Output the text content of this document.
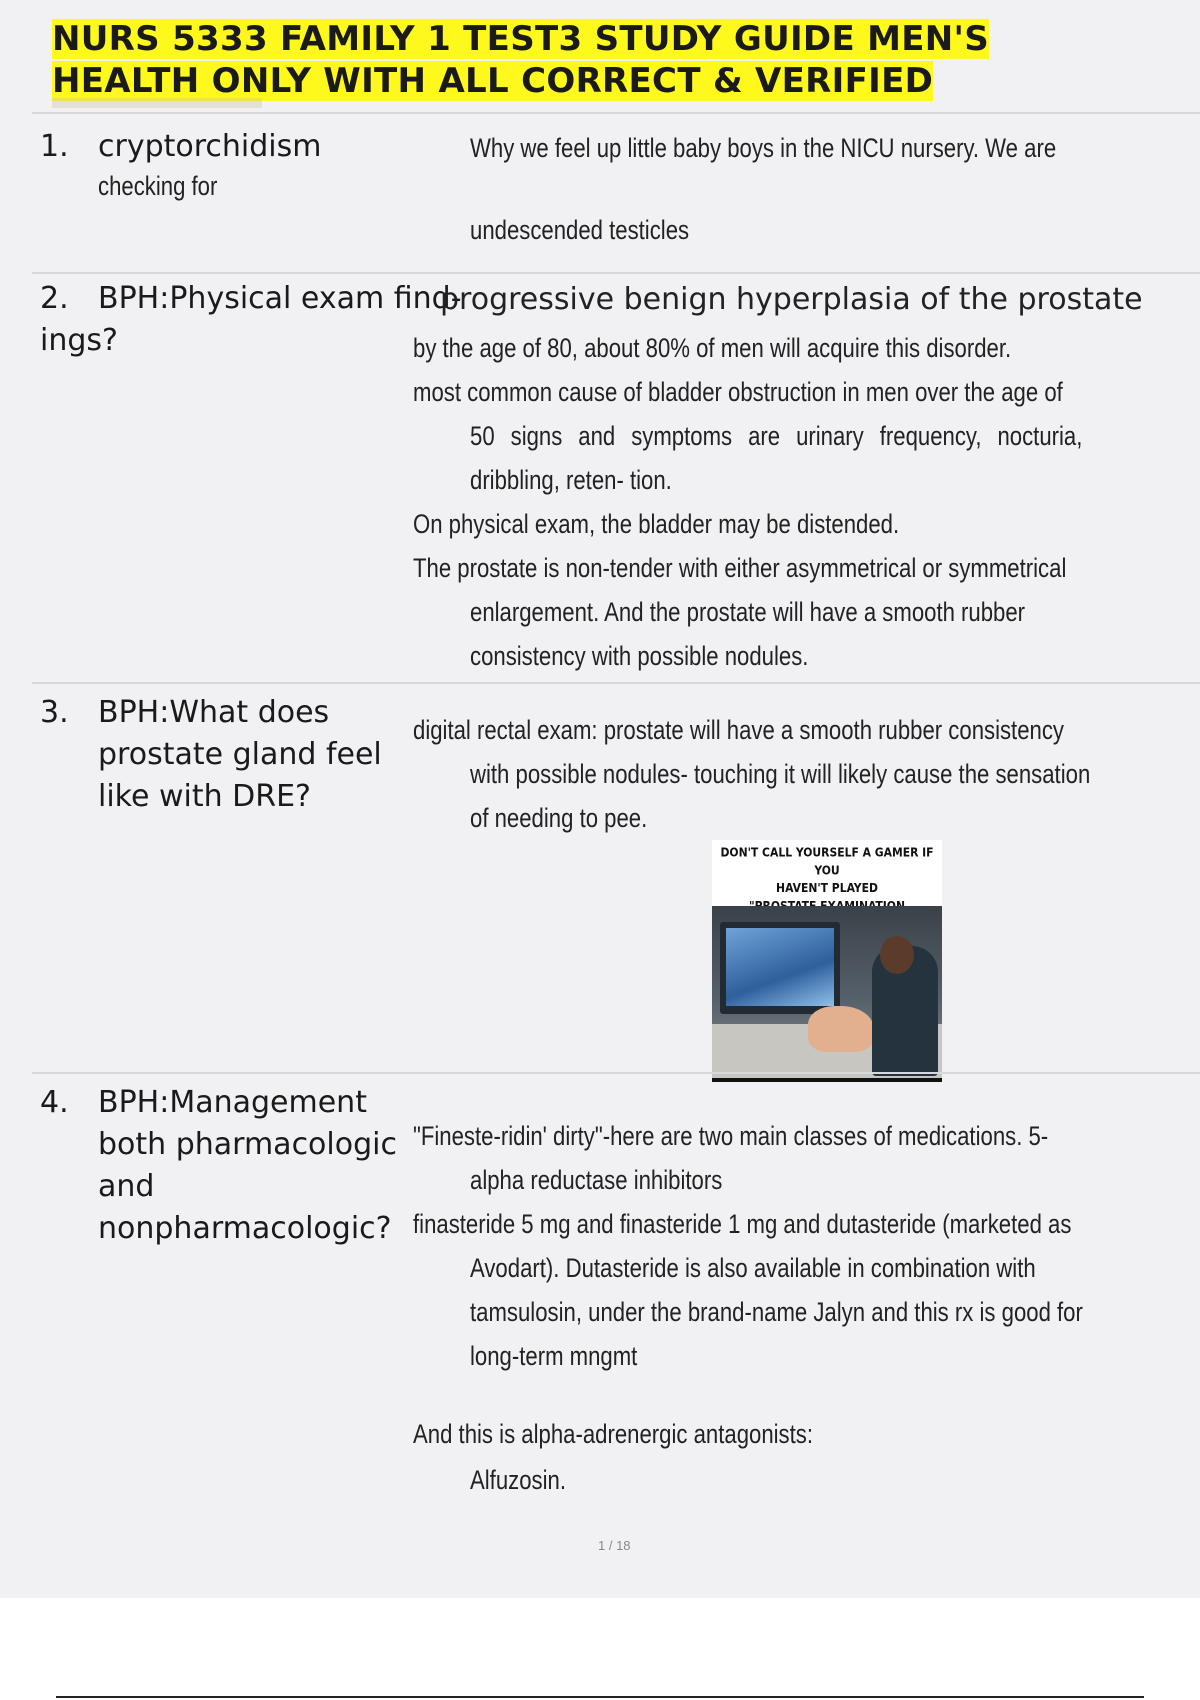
NURS 5333 FAMILY 1 TEST3 STUDY GUIDE MEN'S
HEALTH ONLY WITH ALL CORRECT & VERIFIED
1. cryptorchidism	Why we feel up little baby boys in the NICU nursery. We are
checking for
undescended testicles
2. BPH:Physical exam find-
ings?
progressive benign hyperplasia of the prostate
by the age of 80, about 80% of men will acquire this disorder.
most common cause of bladder obstruction in men over the age of
50 signs and symptoms are urinary frequency, nocturia,
dribbling, reten- tion.
On physical exam, the bladder may be distended.
The prostate is non-tender with either asymmetrical or symmetrical
enlargement. And the prostate will have a smooth rubber
consistency with possible nodules.
3. BPH:What does
prostate gland feel
like with DRE?
digital rectal exam: prostate will have a smooth rubber consistency
with possible nodules- touching it will likely cause the sensation
of needing to pee.
DON'T CALL YOURSELF A GAMER IF YOU
HAVEN'T PLAYED
4. BPH:Management
both pharmacologic
and
nonpharmacologic?
"Fineste-ridin' dirty"-here are two main classes of medications. 5-
alpha reductase inhibitors
finasteride 5 mg and finasteride 1 mg and dutasteride (marketed as
Avodart). Dutasteride is also available in combination with
tamsulosin, under the brand-name Jalyn and this rx is good for
long-term mngmt
And this is alpha-adrenergic antagonists:
Alfuzosin.
1 / 18
